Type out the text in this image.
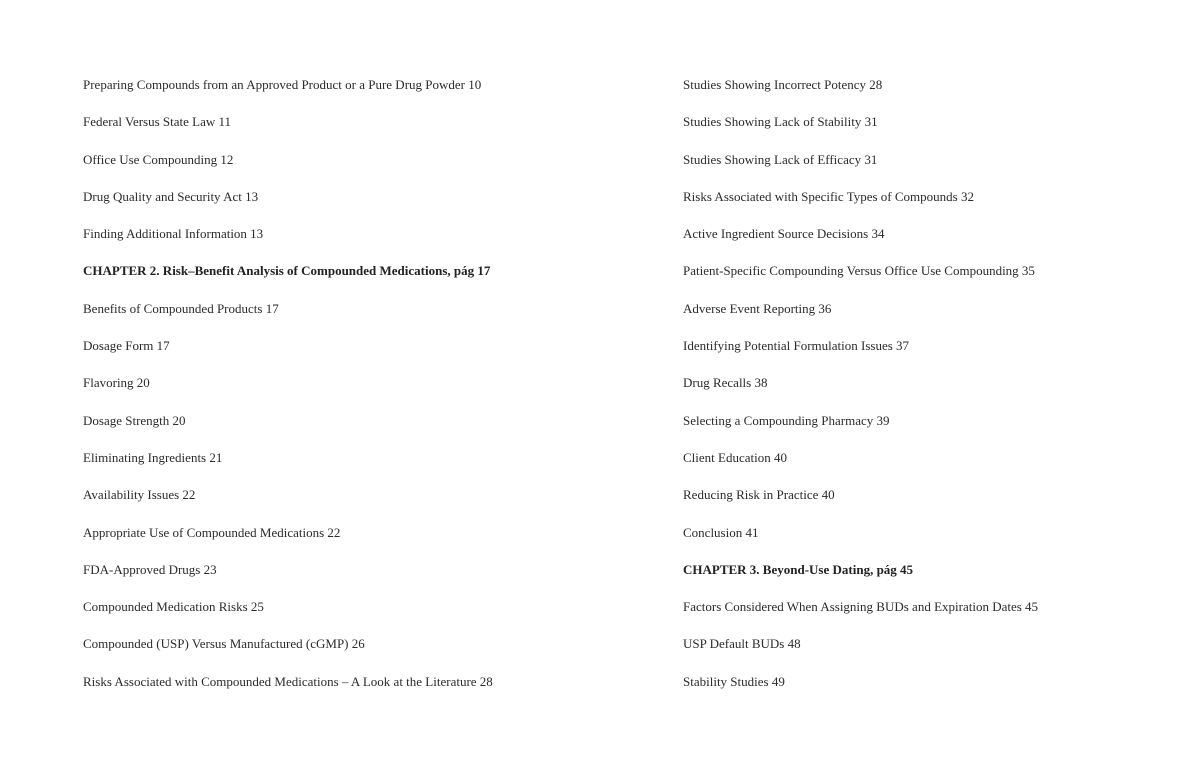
Preparing Compounds from an Approved Product or a Pure Drug Powder 10
Federal Versus State Law 11
Office Use Compounding 12
Drug Quality and Security Act 13
Finding Additional Information 13
CHAPTER 2. Risk–Benefit Analysis of Compounded Medications, pág 17
Benefits of Compounded Products 17
Dosage Form 17
Flavoring 20
Dosage Strength 20
Eliminating Ingredients 21
Availability Issues 22
Appropriate Use of Compounded Medications 22
FDA-Approved Drugs 23
Compounded Medication Risks 25
Compounded (USP) Versus Manufactured (cGMP) 26
Risks Associated with Compounded Medications – A Look at the Literature 28
Studies Showing Incorrect Potency 28
Studies Showing Lack of Stability 31
Studies Showing Lack of Efficacy 31
Risks Associated with Specific Types of Compounds 32
Active Ingredient Source Decisions 34
Patient-Specific Compounding Versus Office Use Compounding 35
Adverse Event Reporting 36
Identifying Potential Formulation Issues 37
Drug Recalls 38
Selecting a Compounding Pharmacy 39
Client Education 40
Reducing Risk in Practice 40
Conclusion 41
CHAPTER 3. Beyond-Use Dating, pág 45
Factors Considered When Assigning BUDs and Expiration Dates 45
USP Default BUDs 48
Stability Studies 49
